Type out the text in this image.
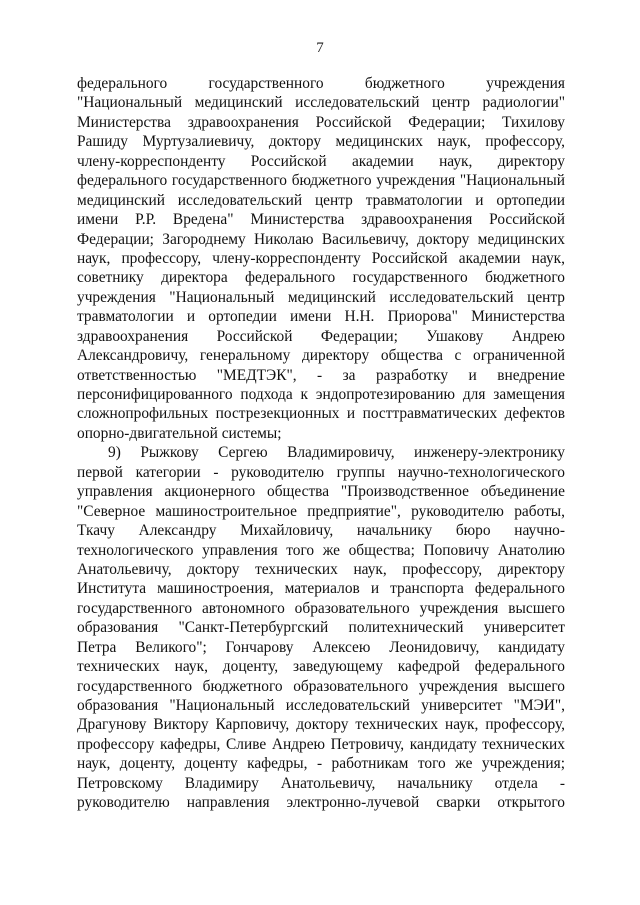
7
федерального государственного бюджетного учреждения
"Национальный медицинский исследовательский центр радиологии"
Министерства здравоохранения Российской Федерации; Тихилову
Рашиду Муртузалиевичу, доктору медицинских наук, профессору,
члену-корреспонденту Российской академии наук, директору
федерального государственного бюджетного учреждения "Национальный
медицинский исследовательский центр травматологии и ортопедии
имени Р.Р. Вредена" Министерства здравоохранения Российской
Федерации; Загороднему Николаю Васильевичу, доктору медицинских
наук, профессору, члену-корреспонденту Российской академии наук,
советнику директора федерального государственного бюджетного
учреждения "Национальный медицинский исследовательский центр
травматологии и ортопедии имени Н.Н. Приорова" Министерства
здравоохранения Российской Федерации; Ушакову Андрею
Александровичу, генеральному директору общества с ограниченной
ответственностью "МЕДТЭК", - за разработку и внедрение
персонифицированного подхода к эндопротезированию для замещения
сложнопрофильных пострезекционных и посттравматических дефектов
опорно-двигательной системы;
9) Рыжкову Сергею Владимировичу, инженеру-электронику
первой категории - руководителю группы научно-технологического
управления акционерного общества "Производственное объединение
"Северное машиностроительное предприятие", руководителю работы,
Ткачу Александру Михайловичу, начальнику бюро научно-
технологического управления того же общества; Поповичу Анатолию
Анатольевичу, доктору технических наук, профессору, директору
Института машиностроения, материалов и транспорта федерального
государственного автономного образовательного учреждения высшего
образования "Санкт-Петербургский политехнический университет
Петра Великого"; Гончарову Алексею Леонидовичу, кандидату
технических наук, доценту, заведующему кафедрой федерального
государственного бюджетного образовательного учреждения высшего
образования "Национальный исследовательский университет "МЭИ",
Драгунову Виктору Карповичу, доктору технических наук, профессору,
профессору кафедры, Сливе Андрею Петровичу, кандидату технических
наук, доценту, доценту кафедры, - работникам того же учреждения;
Петровскому Владимиру Анатольевичу, начальнику отдела -
руководителю направления электронно-лучевой сварки открытого
